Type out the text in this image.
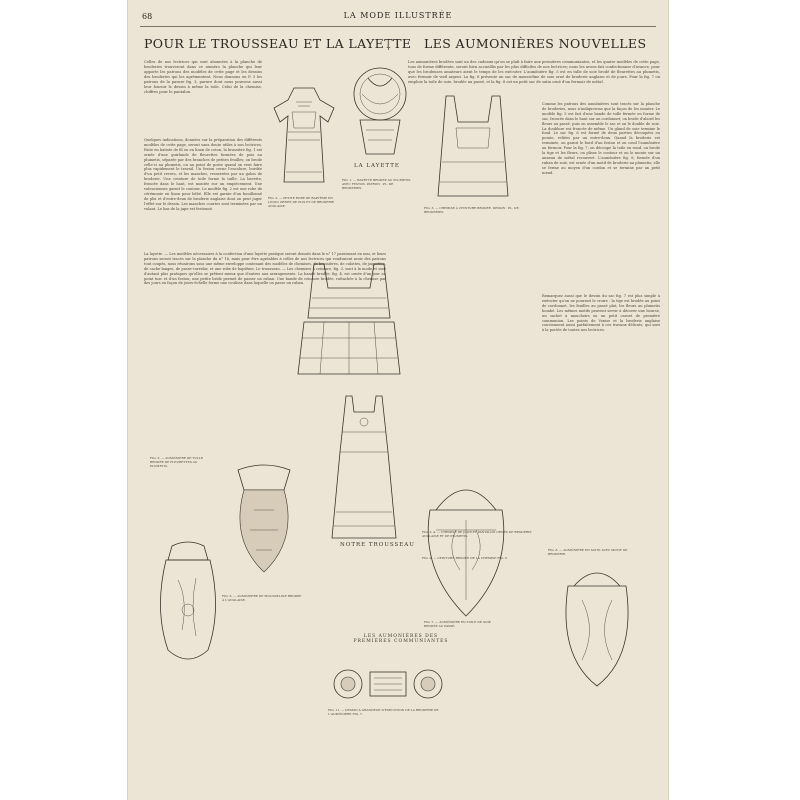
68	LA MODE ILLUSTRÉE
POUR LE TROUSSEAU ET LA LAYETTE LES AUMONIÈRES NOUVELLES
Celles de nos lectrices qui sont abonnées à la planche de broderies trouveront dans ce numéro la planche qui leur apporte les patrons des modèles de cette page et les dessins des broderies qui les agrémentent. Nous donnons en P. 3 les patrons de la parure fig. 3, parure dont nous pouvons aussi leur fournir le dessin à même la toile. Celui de la chemise, chiffres pour le pantalon.
Quelques indications, données sur la préparation des différents modèles de cette page, seront sans doute utiles à nos lectrices. Faite en batiste de fil ou en linon de coton, la brassière fig. 1 est ornée d'une guirlande de fleurettes formées de pois au plumetis, séparée par des branches de petites feuilles; on brode celle-ci au plumetis, ou au point de poste quand on veut faire plus rapidement le travail. Un feston cerne l'encolure, bordée d'un petit revers, et les manches, resserrées par un galon de broderie. Une ceinture de toile forme la taille. La bavette, froncée dans le haut, est montée sur un empiècement. Une valenciennes garnit le contour. Le modèle fig. 2 est une robe de cérémonie en linon pour bébé. Elle est garnie d'un bouillonné de plis et d'entre-deux de broderie anglaise dont on peut juger l'effet sur le dessin. Les manches courtes sont terminées par un volant. Le bas de la jupe est festonné.
La layette. — Les modèles nécessaires à la confection d'une layette pratique seront donnés dans le n° 17 paraissant en mai, et leurs patrons seront tracés sur la planche du n° 16, mais pour être agréables à celles de nos lectrices qui voudraient avoir des patrons tout coupés, nous réunirons sous une même enveloppe contenant des modèles de chemises, de brassières, de culottes, de jaquettes, de cache-langes, de passe-corridor, et une robe de baptême. Le trousseau. — Les chemises à ceinture, fig. 3, sont à la mode et sont d'autant plus pratiques qu'elles se prêtent mieux que d'autres aux arrangements. La bande brodée, fig. 4, est ornée d'un jour au point turc et d'un feston; une petite bride permet de passer un ruban. Une bande de ceinture brodée, rattachée à la chemise par des jours en façon de jours-échelle forme une coulisse dans laquelle on passe un ruban.
Les aumonières brodées sont un des cadeaux qu'on se plaît à faire aux premières communiantes, et les quatre modèles de cette page, tous de forme différente, seront bien accueillis par les plus difficiles de nos lectrices; nous les avons fait confectionner d'avance, pour que les brodeuses amateurs aient le temps de les exécuter. L'aumônière fig. 5 est en tulle de soie brodé de fleurettes au plumetis, avec fermoir de vieil argent. La fig. 6 présente un sac de mousseline de soie orné de broderie anglaise et de jours. Pour la fig. 7 on emploie la toile de soie, brodée au passé, et la fig. 8 est un petit sac de satin orné d'un fermoir de métal.
Comme les patrons des aumônières sont tracés sur la planche de broderies, nous n'indiquerons que la façon de les monter. Le modèle fig. 5 est fait d'une bande de tulle fermée en forme de sac, froncée dans le haut sur un cordonnet; on brode d'abord les fleurs au passé, puis on assemble le sac et on le double de soie. La doublure est froncée de même. Un gland de soie termine le fond. Le sac fig. 6 est formé de deux parties découpées en pointe, reliées par un entre-deux. Quand la broderie est terminée, on garnit le bord d'un feston et on coud l'aumônière au fermoir. Pour la fig. 7, on découpe la toile en rond, on brode la tige et les fleurs, on plisse le contour et on le monte sur un anneau de métal recouvert. L'aumônière fig. 8, formée d'un ruban de soie, est ornée d'un motif de broderie au plumetis; elle se ferme au moyen d'un cordon et se termine par un petit nœud.
Remarquez aussi que le dessin du sac fig. 7 est plus simple à exécuter qu'on ne pourrait le croire : la tige est brodée au point de cordonnet, les feuilles au passé plat, les fleurs au plumetis bombé. Les mêmes motifs peuvent servir à décorer une bourse, un sachet à mouchoirs ou un petit carnet de première communion. Les points de Venise et la broderie anglaise conviennent aussi parfaitement à ces travaux délicats, qui sont à la portée de toutes nos lectrices.
FIG. 2. — PETITE ROBE DE BAPTÊME EN LINON ORNÉE DE PLIS ET DE BRODERIE ANGLAISE.
LA LAYETTE
FIG. 1. — BAVETTE BRODÉE AU PLUMETIS, AVEC FESTON. PATRON : PL. DE BRODERIES.
FIG. 3. — CHEMISE À CEINTURE BRODÉE. DESSIN : PL. DE BRODERIES.
NOTRE TROUSSEAU
FIG. 3, 4. — CHEMISE DE JOUR ET PANTALON ORNÉS DE BRODERIE ANGLAISE ET DE PLUMETIS.
FIG. 9. — CEINTURE BRODÉE DE LA CHEMISE FIG. 3.
FIG. 5. — AUMÔNIÈRE DE TULLE BRODÉE DE FLEURETTES AU PLUMETIS.
FIG. 6. — AUMÔNIÈRE DE MOUSSELINE BRODÉE À L'ANGLAISE.
FIG. 7. — AUMÔNIÈRE EN TOILE DE SOIE BRODÉE AU PASSÉ.
FIG. 8. — AUMÔNIÈRE EN SATIN AVEC MOTIF DE BRODERIE.
LES AUMONIÈRES DES PREMIÈRES COMMUNIANTES
FIG. 11. — DESSIN À GRANDEUR D'EXÉCUTION DE LA BRODERIE DE L'AUMÔNIÈRE FIG. 7.
